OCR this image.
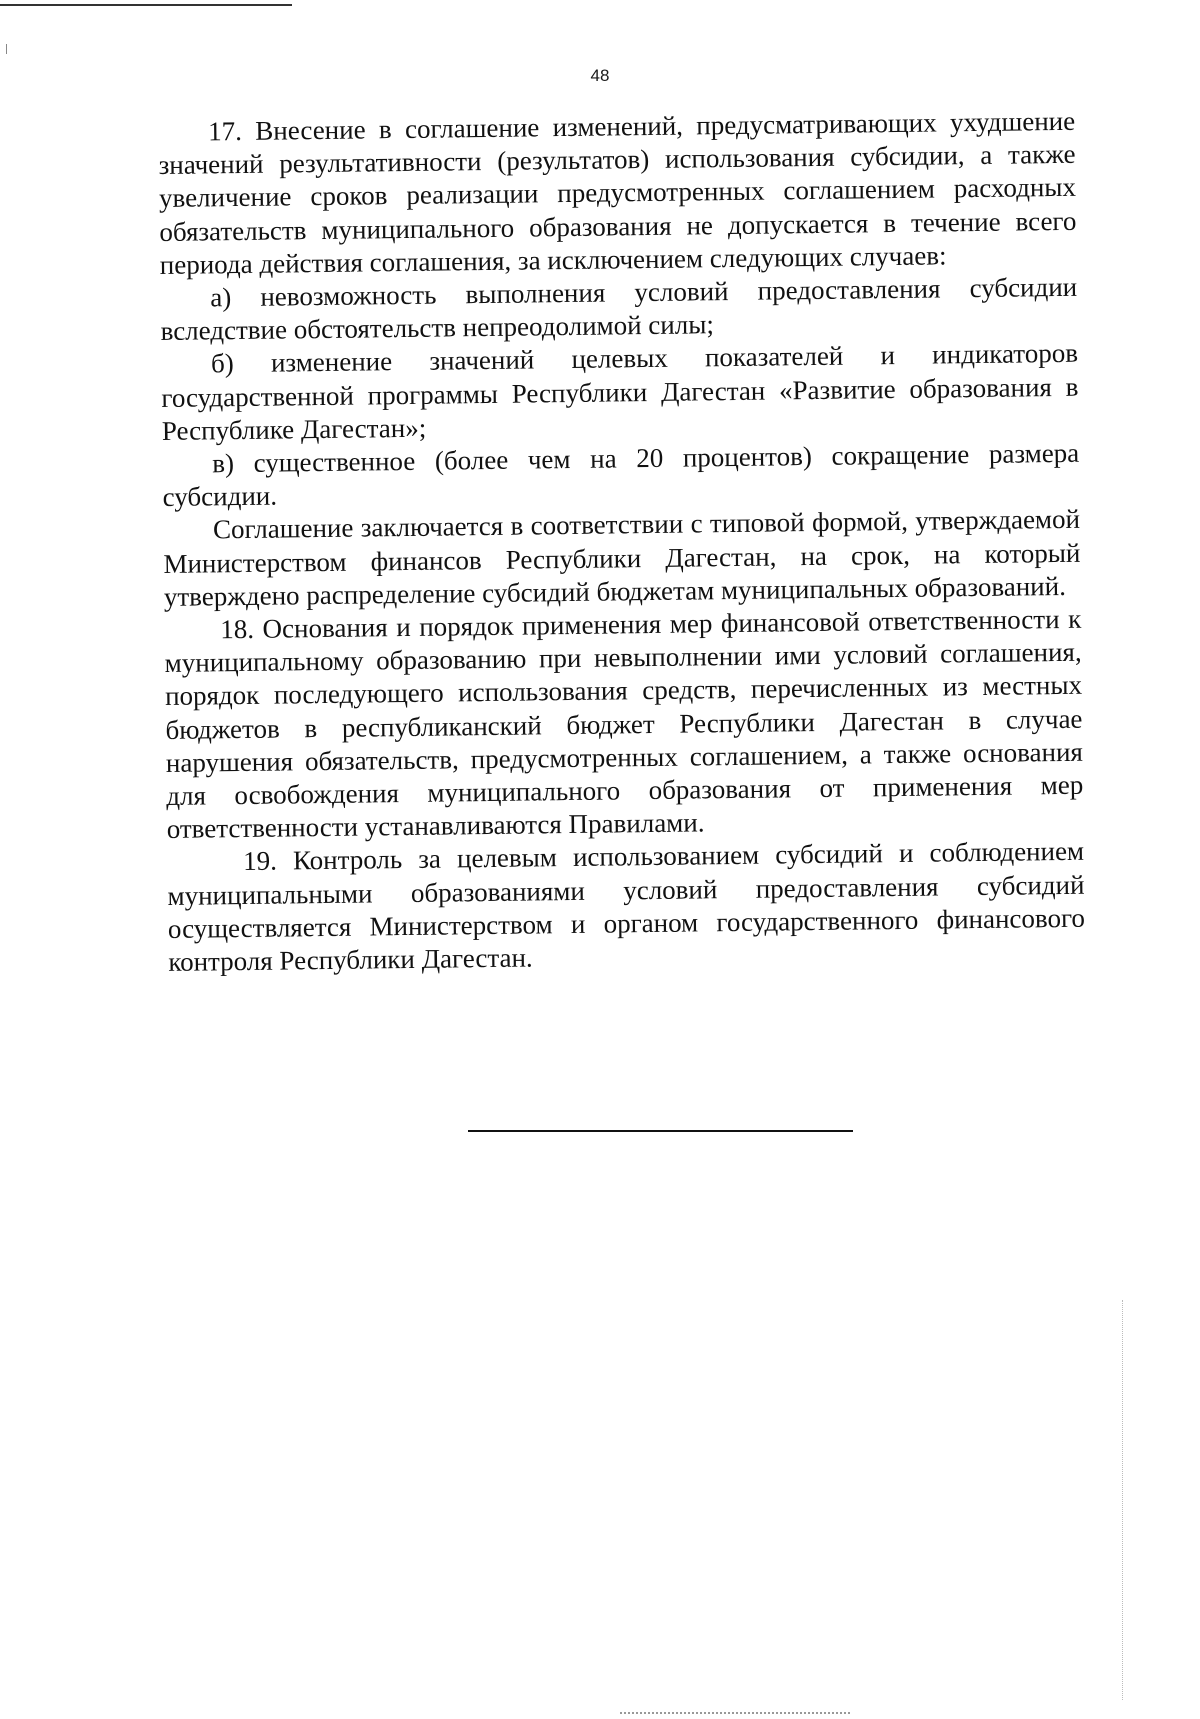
48

17. Внесение в соглашение изменений, предусматривающих ухудшение значений результативности (результатов) использования субсидии, а также увеличение сроков реализации предусмотренных соглашением расходных обязательств муниципального образования не допускается в течение всего периода действия соглашения, за исключением следующих случаев:

а) невозможность выполнения условий предоставления субсидии вследствие обстоятельств непреодолимой силы;

б) изменение значений целевых показателей и индикаторов государственной программы Республики Дагестан «Развитие образования в Республике Дагестан»;

в) существенное (более чем на 20 процентов) сокращение размера субсидии.

Соглашение заключается в соответствии с типовой формой, утверждаемой Министерством финансов Республики Дагестан, на срок, на который утверждено распределение субсидий бюджетам муниципальных образований.

18. Основания и порядок применения мер финансовой ответственности к муниципальному образованию при невыполнении ими условий соглашения, порядок последующего использования средств, перечисленных из местных бюджетов в республиканский бюджет Республики Дагестан в случае нарушения обязательств, предусмотренных соглашением, а также основания для освобождения муниципального образования от применения мер ответственности устанавливаются Правилами.

19. Контроль за целевым использованием субсидий и соблюдением муниципальными образованиями условий предоставления субсидий осуществляется Министерством и органом государственного финансового контроля Республики Дагестан.
